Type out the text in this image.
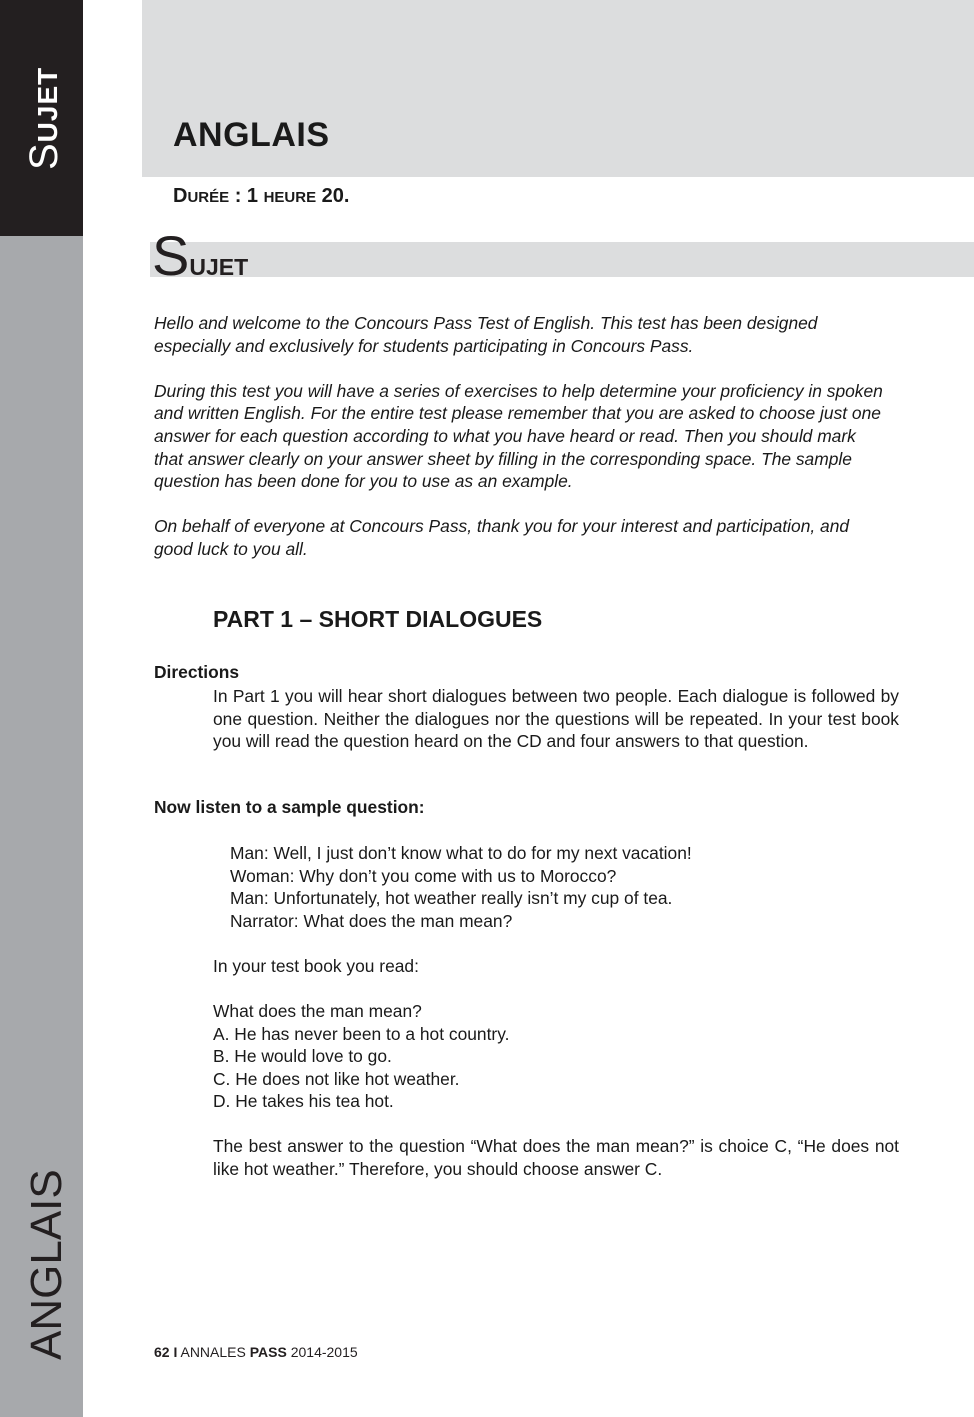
SUJET
ANGLAIS
ANGLAIS
DURÉE : 1 HEURE 20.
SUJET

Hello and welcome to the Concours Pass Test of English. This test has been designed especially and exclusively for students participating in Concours Pass.

During this test you will have a series of exercises to help determine your proficiency in spoken and written English. For the entire test please remember that you are asked to choose just one answer for each question according to what you have heard or read. Then you should mark that answer clearly on your answer sheet by filling in the corresponding space. The sample question has been done for you to use as an example.

On behalf of everyone at Concours Pass, thank you for your interest and participation, and good luck to you all.

PART 1 – SHORT DIALOGUES
Directions
In Part 1 you will hear short dialogues between two people. Each dialogue is followed by one question. Neither the dialogues nor the questions will be repeated. In your test book you will read the question heard on the CD and four answers to that question.
Now listen to a sample question:
Man: Well, I just don’t know what to do for my next vacation!
Woman: Why don’t you come with us to Morocco?
Man: Unfortunately, hot weather really isn’t my cup of tea.
Narrator: What does the man mean?
In your test book you read:
What does the man mean?
A. He has never been to a hot country.
B. He would love to go.
C. He does not like hot weather.
D. He takes his tea hot.
The best answer to the question “What does the man mean?” is choice C, “He does not like hot weather.” Therefore, you should choose answer C.
62 I ANNALES PASS 2014-2015
